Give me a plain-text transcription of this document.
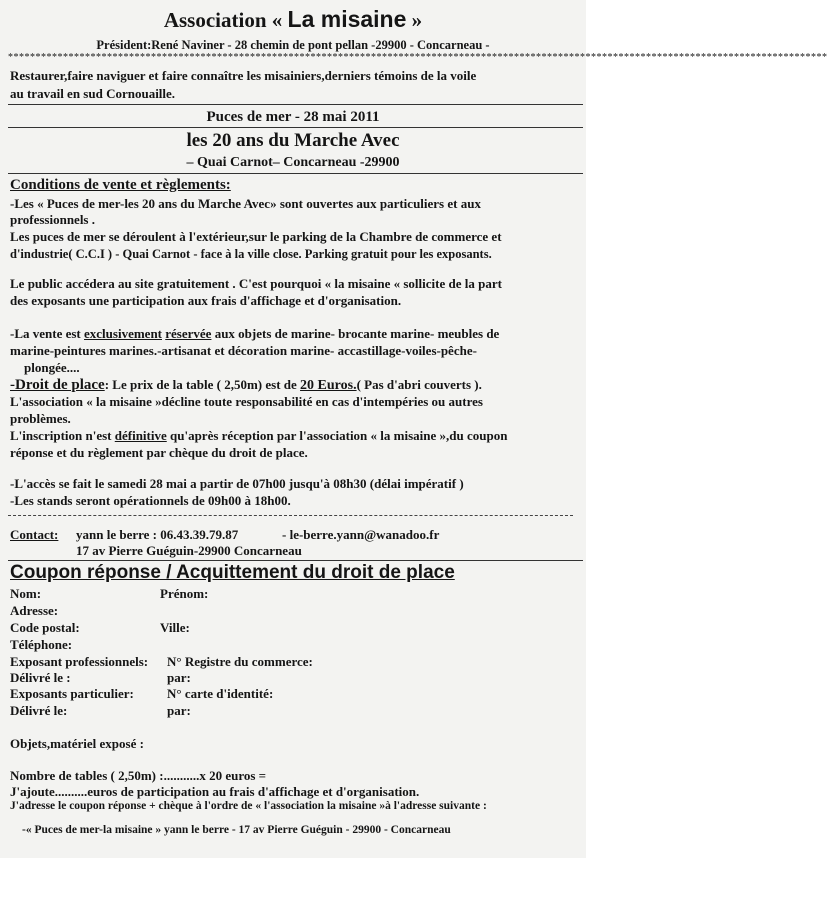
Association « La misaine »
Président:René Naviner - 28 chemin de pont pellan -29900 - Concarneau -
*****************************************************************************************************************************************************
Restaurer,faire naviguer et faire connaître les misainiers,derniers témoins de la voile
au travail en sud Cornouaille.
Puces de mer - 28 mai 2011
les 20 ans du Marche Avec
– Quai Carnot– Concarneau -29900
Conditions de vente et règlements:
-Les « Puces de mer-les 20 ans du Marche Avec» sont ouvertes aux particuliers et aux
professionnels .
Les puces de mer se déroulent à l'extérieur,sur le parking de la Chambre de commerce et
d'industrie( C.C.I ) - Quai Carnot - face à la ville close. Parking gratuit pour les exposants.
Le public accédera au site gratuitement . C'est pourquoi « la misaine « sollicite de la part
des exposants une participation aux frais d'affichage et d'organisation.
-La vente est exclusivement réservée aux objets de marine- brocante marine- meubles de
marine-peintures marines.-artisanat et décoration marine- accastillage-voiles-pêche-
plongée....
-Droit de place: Le prix de la table ( 2,50m) est de 20 Euros.( Pas d'abri couverts ).
L'association « la misaine »décline toute responsabilité en cas d'intempéries ou autres
problèmes.
L'inscription n'est définitive qu'après réception par l'association « la misaine »,du coupon
réponse et du règlement par chèque du droit de place.
-L'accès se fait le samedi 28 mai a partir de 07h00 jusqu'à 08h30 (délai impératif )
-Les stands seront opérationnels de 09h00 à 18h00.
Contact: yann le berre : 06.43.39.79.87	- le-berre.yann@wanadoo.fr
17 av Pierre Guéguin-29900 Concarneau
Coupon réponse / Acquittement du droit de place
Nom:	Prénom:
Adresse:
Code postal:	Ville:
Téléphone:
Exposant professionnels: N° Registre du commerce:
Délivré le :	par:
Exposants particulier:	N° carte d'identité:
Délivré le:	par:
Objets,matériel exposé :
Nombre de tables ( 2,50m) :...........x 20 euros =
J'ajoute..........euros de participation au frais d'affichage et d'organisation.
J'adresse le coupon réponse + chèque à l'ordre de « l'association la misaine »à l'adresse suivante :
-« Puces de mer-la misaine » yann le berre - 17 av Pierre Guéguin - 29900 - Concarneau
